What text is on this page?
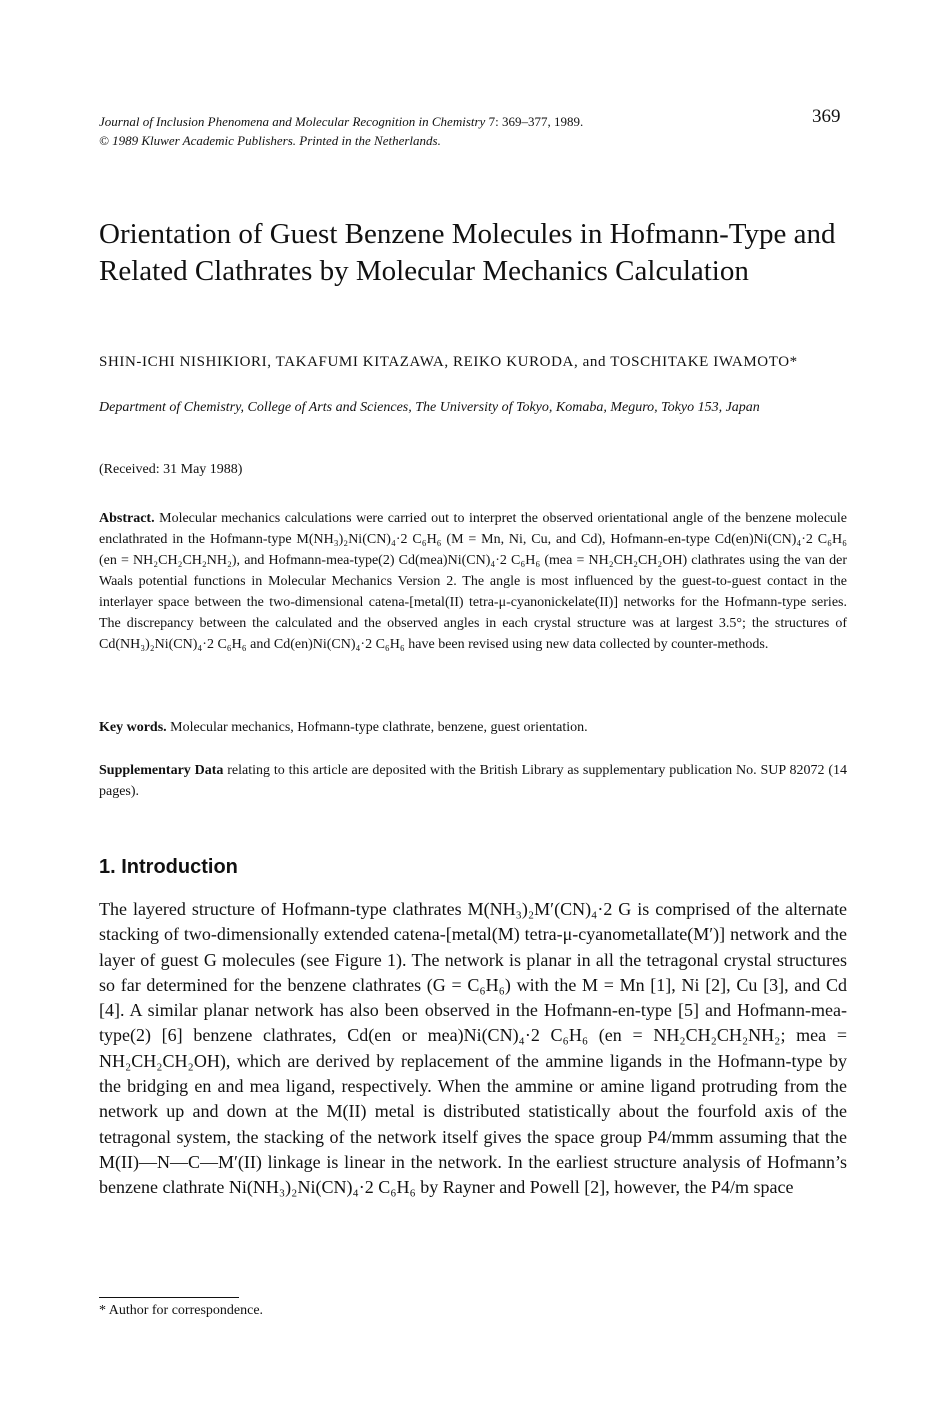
Journal of Inclusion Phenomena and Molecular Recognition in Chemistry 7: 369–377, 1989.
© 1989 Kluwer Academic Publishers. Printed in the Netherlands.
369
Orientation of Guest Benzene Molecules in Hofmann-Type and Related Clathrates by Molecular Mechanics Calculation
SHIN-ICHI NISHIKIORI, TAKAFUMI KITAZAWA, REIKO KURODA, and TOSCHITAKE IWAMOTO*
Department of Chemistry, College of Arts and Sciences, The University of Tokyo, Komaba, Meguro, Tokyo 153, Japan
(Received: 31 May 1988)

Abstract. Molecular mechanics calculations were carried out to interpret the observed orientational angle of the benzene molecule enclathrated in the Hofmann-type M(NH₃)₂Ni(CN)₄·2 C₆H₆ (M = Mn, Ni, Cu, and Cd), Hofmann-en-type Cd(en)Ni(CN)₄·2 C₆H₆ (en = NH₂CH₂CH₂NH₂), and Hofmann-mea-type(2) Cd(mea)Ni(CN)₄·2 C₆H₆ (mea = NH₂CH₂CH₂OH) clathrates using the van der Waals potential functions in Molecular Mechanics Version 2. The angle is most influenced by the guest-to-guest contact in the interlayer space between the two-dimensional catena-[metal(II) tetra-μ-cyanonickelate(II)] networks for the Hofmann-type series. The discrepancy between the calculated and the observed angles in each crystal structure was at largest 3.5°; the structures of Cd(NH₃)₂Ni(CN)₄·2 C₆H₆ and Cd(en)Ni(CN)₄·2 C₆H₆ have been revised using new data collected by counter-methods.

Key words. Molecular mechanics, Hofmann-type clathrate, benzene, guest orientation.

Supplementary Data relating to this article are deposited with the British Library as supplementary publication No. SUP 82072 (14 pages).

1. Introduction

The layered structure of Hofmann-type clathrates M(NH₃)₂M′(CN)₄·2 G is comprised of the alternate stacking of two-dimensionally extended catena-[metal(M) tetra-μ-cyanometallate(M′)] network and the layer of guest G molecules (see Figure 1). The network is planar in all the tetragonal crystal structures so far determined for the benzene clathrates (G = C₆H₆) with the M = Mn [1], Ni [2], Cu [3], and Cd [4]. A similar planar network has also been observed in the Hofmann-en-type [5] and Hofmann-mea-type(2) [6] benzene clathrates, Cd(en or mea)Ni(CN)₄·2 C₆H₆ (en = NH₂CH₂CH₂NH₂; mea = NH₂CH₂CH₂OH), which are derived by replacement of the ammine ligands in the Hofmann-type by the bridging en and mea ligand, respectively. When the ammine or amine ligand protruding from the network up and down at the M(II) metal is distributed statistically about the fourfold axis of the tetragonal system, the stacking of the network itself gives the space group P4/mmm assuming that the M(II)—N—C—M′(II) linkage is linear in the network. In the earliest structure analysis of Hofmann’s benzene clathrate Ni(NH₃)₂Ni(CN)₄·2 C₆H₆ by Rayner and Powell [2], however, the P4/m space

* Author for correspondence.
